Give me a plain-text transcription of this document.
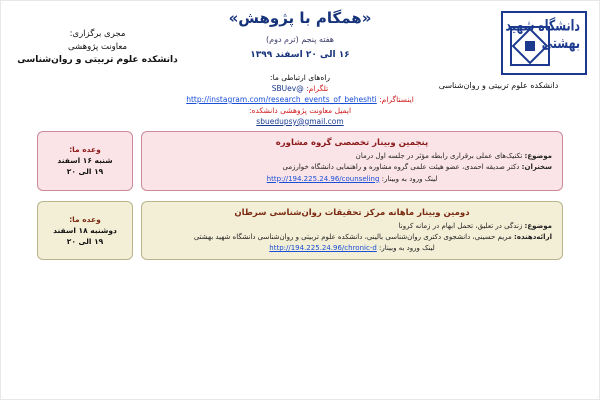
دانشگاه شهید بهشتی
دانشکده علوم تربیتی و روان‌شناسی
«همگام با پژوهش»
هفته پنجم (ترم دوم)
۱۶ الی ۲۰ اسفند ۱۳۹۹
مجری برگزاری:
معاونت پژوهشی
دانشکده علوم تربیتی و روان‌شناسی
راه‌های ارتباطی ما:
تلگرام: @SBUev
اینستاگرام: http://instagram.com/research_events_of_beheshti
ایمیل معاونت پژوهشی دانشکده:
sbuedupsy@gmail.com
پنجمین وبینار تخصصی گروه مشاوره
موضوع: تکنیک‌های عملی برقراری رابطه مؤثر در جلسه اول درمان
سخنران: دکتر صدیقه احمدی، عضو هیئت علمی گروه مشاوره و راهنمایی دانشگاه خوارزمی
لینک ورود به وبینار: http://194.225.24.96/counseling
وعده ما:
شنبه ۱۶ اسفند
۱۹ الی ۲۰
دومین وبینار ماهانه مرکز تحقیقات روان‌شناسی سرطان
موضوع: زندگی در تعلیق، تحمل ابهام در زمانه کرونا
ارائه‌دهنده: مریم حسینی، دانشجوی دکتری روان‌شناسی بالینی، دانشکده علوم تربیتی و روان‌شناسی دانشگاه شهید بهشتی
لینک ورود به وبینار: http://194.225.24.96/chronic-d
وعده ما:
دوشنبه ۱۸ اسفند
۱۹ الی ۲۰
